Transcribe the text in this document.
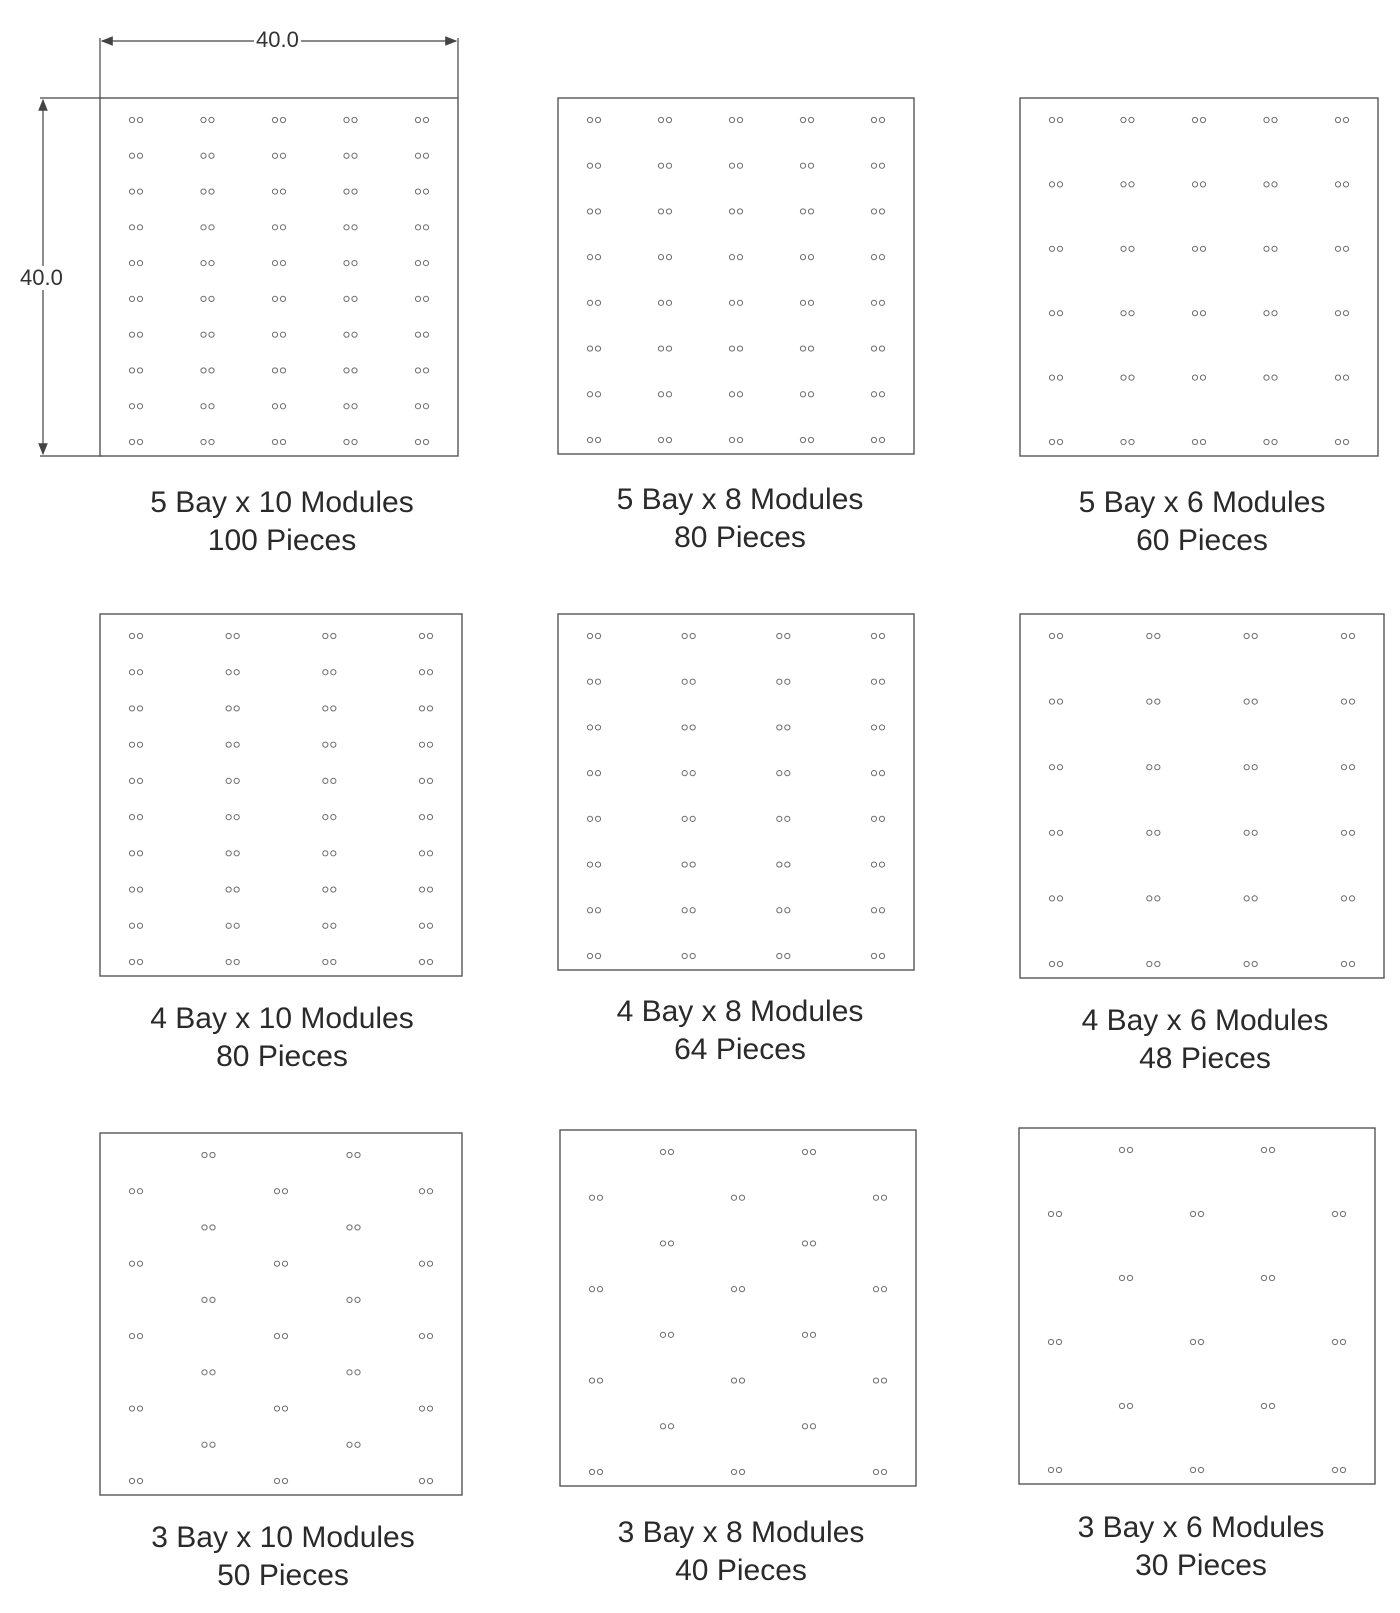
40.0
40.0
5 Bay x 10 Modules
100 Pieces
5 Bay x 8 Modules
80 Pieces
5 Bay x 6 Modules
60 Pieces
4 Bay x 10 Modules
80 Pieces
4 Bay x 8 Modules
64 Pieces
4 Bay x 6 Modules
48 Pieces
3 Bay x 10 Modules
50 Pieces
3 Bay x 8 Modules
40 Pieces
3 Bay x 6 Modules
30 Pieces
